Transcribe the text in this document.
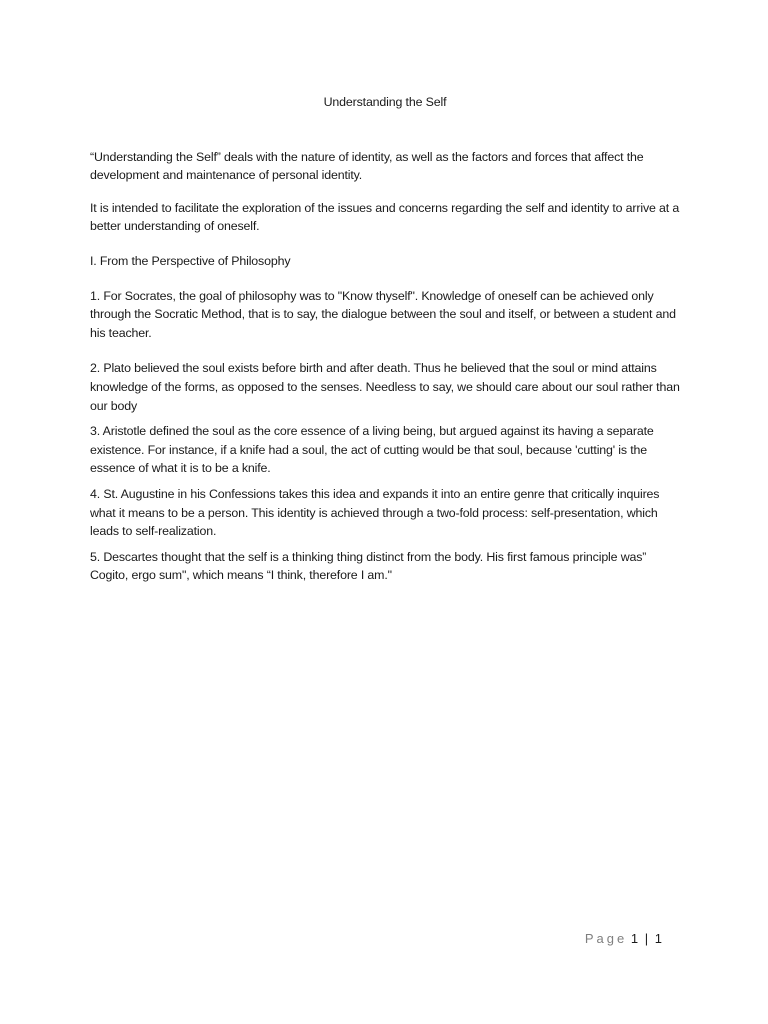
Understanding the Self

“Understanding the Self” deals with the nature of identity, as well as the factors and forces that affect the development and maintenance of personal identity.

It is intended to facilitate the exploration of the issues and concerns regarding the self and identity to arrive at a better understanding of oneself.

I. From the Perspective of Philosophy

1. For Socrates, the goal of philosophy was to "Know thyself". Knowledge of oneself can be achieved only through the Socratic Method, that is to say, the dialogue between the soul and itself, or between a student and his teacher.

2. Plato believed the soul exists before birth and after death. Thus he believed that the soul or mind attains knowledge of the forms, as opposed to the senses. Needless to say, we should care about our soul rather than our body

3. Aristotle defined the soul as the core essence of a living being, but argued against its having a separate existence. For instance, if a knife had a soul, the act of cutting would be that soul, because 'cutting' is the essence of what it is to be a knife.

4. St. Augustine in his Confessions takes this idea and expands it into an entire genre that critically inquires what it means to be a person. This identity is achieved through a two-fold process: self-presentation, which leads to self-realization.

5. Descartes thought that the self is a thinking thing distinct from the body. His first famous principle was” Cogito, ergo sum", which means “I think, therefore I am."

Page 1 | 1
